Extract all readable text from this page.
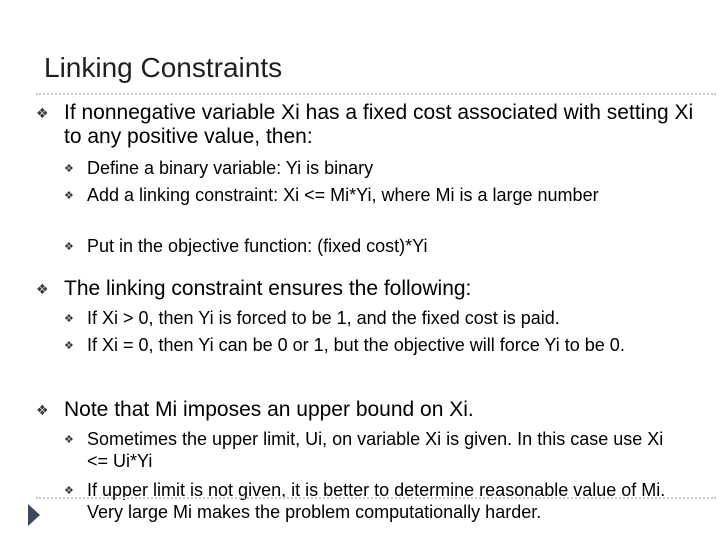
Linking Constraints
❖ If nonnegative variable Xi has a fixed cost associated with setting Xi to any positive value, then:
❖ Define a binary variable: Yi is binary
❖ Add a linking constraint: Xi <= Mi*Yi, where Mi is a large number
❖ Put in the objective function: (fixed cost)*Yi
❖ The linking constraint ensures the following:
❖ If Xi > 0, then Yi is forced to be 1, and the fixed cost is paid.
❖ If Xi = 0, then Yi can be 0 or 1, but the objective will force Yi to be 0.
❖ Note that Mi imposes an upper bound on Xi.
❖ Sometimes the upper limit, Ui, on variable Xi is given. In this case use Xi <= Ui*Yi
❖ If upper limit is not given, it is better to determine reasonable value of Mi. Very large Mi makes the problem computationally harder.
